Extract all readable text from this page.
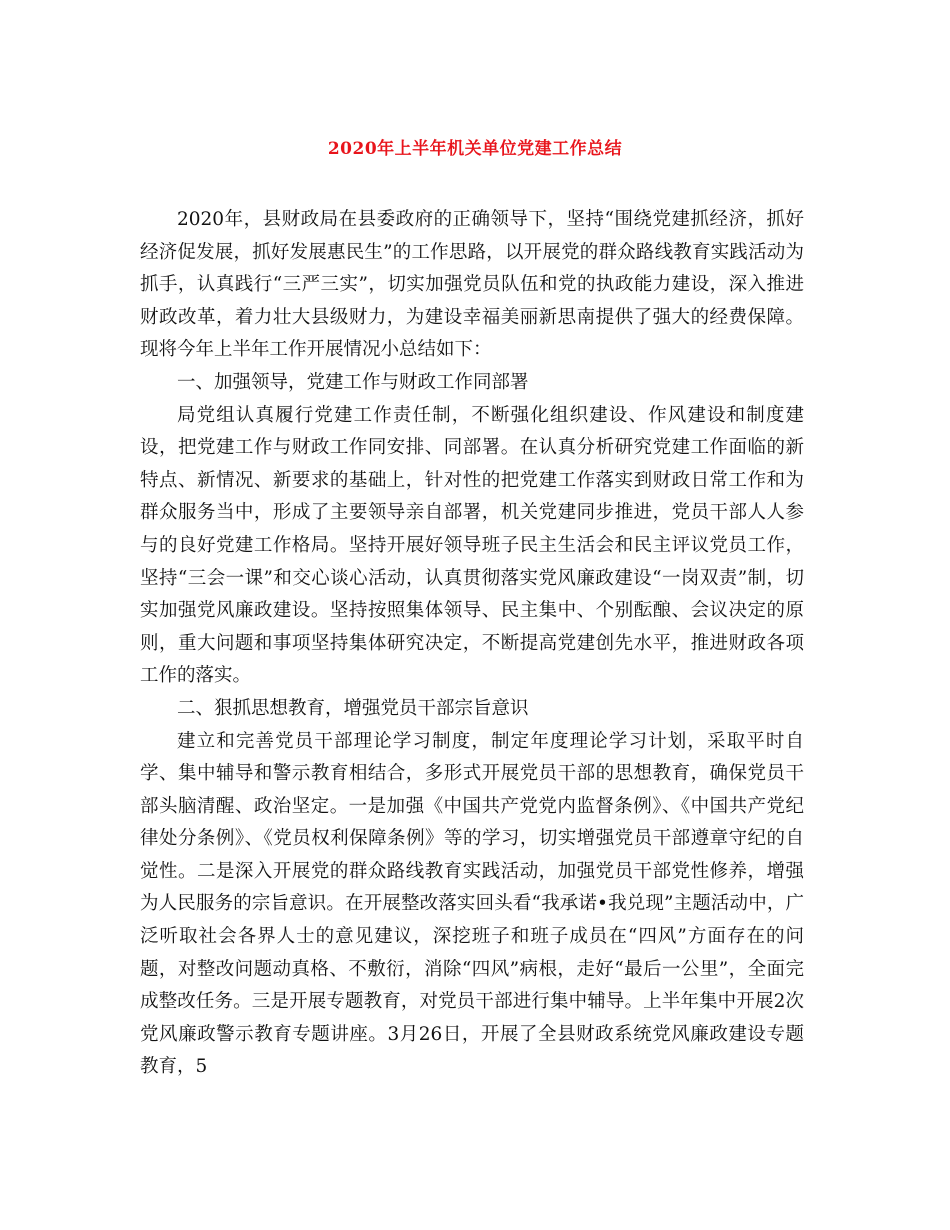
2020年上半年机关单位党建工作总结

2020年，县财政局在县委政府的正确领导下，坚持“围绕党建抓经济，抓好经济促发展，抓好发展惠民生”的工作思路，以开展党的群众路线教育实践活动为抓手，认真践行“三严三实”，切实加强党员队伍和党的执政能力建设，深入推进财政改革，着力壮大县级财力，为建设幸福美丽新思南提供了强大的经费保障。现将今年上半年工作开展情况小总结如下：

一、加强领导，党建工作与财政工作同部署

局党组认真履行党建工作责任制，不断强化组织建设、作风建设和制度建设，把党建工作与财政工作同安排、同部署。在认真分析研究党建工作面临的新特点、新情况、新要求的基础上，针对性的把党建工作落实到财政日常工作和为群众服务当中，形成了主要领导亲自部署，机关党建同步推进，党员干部人人参与的良好党建工作格局。坚持开展好领导班子民主生活会和民主评议党员工作，坚持“三会一课”和交心谈心活动，认真贯彻落实党风廉政建设“一岗双责”制，切实加强党风廉政建设。坚持按照集体领导、民主集中、个别酝酿、会议决定的原则，重大问题和事项坚持集体研究决定，不断提高党建创先水平，推进财政各项工作的落实。

二、狠抓思想教育，增强党员干部宗旨意识

建立和完善党员干部理论学习制度，制定年度理论学习计划，采取平时自学、集中辅导和警示教育相结合，多形式开展党员干部的思想教育，确保党员干部头脑清醒、政治坚定。一是加强《中国共产党党内监督条例》、《中国共产党纪律处分条例》、《党员权利保障条例》等的学习，切实增强党员干部遵章守纪的自觉性。二是深入开展党的群众路线教育实践活动，加强党员干部党性修养，增强为人民服务的宗旨意识。在开展整改落实回头看“我承诺•我兑现”主题活动中，广泛听取社会各界人士的意见建议，深挖班子和班子成员在“四风”方面存在的问题，对整改问题动真格、不敷衍，消除“四风”病根，走好“最后一公里”，全面完成整改任务。三是开展专题教育，对党员干部进行集中辅导。上半年集中开展2次党风廉政警示教育专题讲座。3月26日，开展了全县财政系统党风廉政建设专题教育，5
